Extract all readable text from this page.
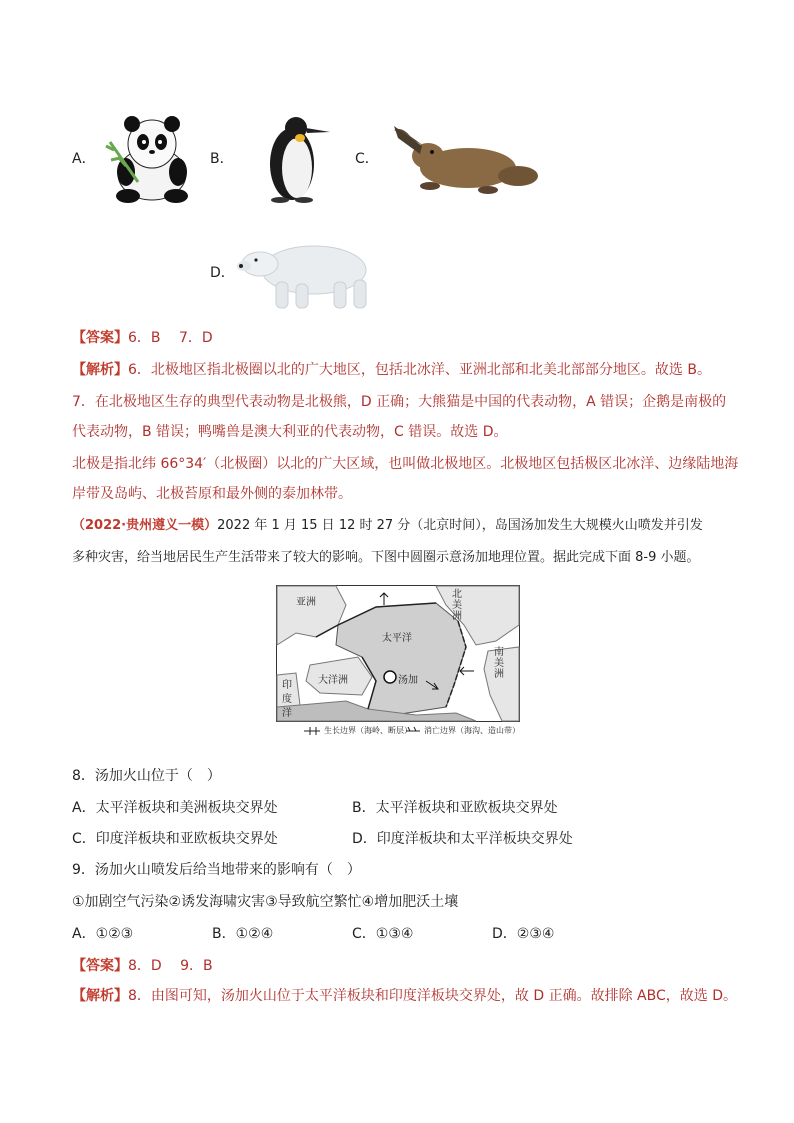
A．	B．	C．
D．
【答案】6．B　 7．D
【解析】6．北极地区指北极圈以北的广大地区，包括北冰洋、亚洲北部和北美北部部分地区。故选 B。
7．在北极地区生存的典型代表动物是北极熊，D 正确；大熊猫是中国的代表动物，A 错误；企鹅是南极的
代表动物，B 错误；鸭嘴兽是澳大利亚的代表动物，C 错误。故选 D。
北极是指北纬 66°34′（北极圈）以北的广大区域，也叫做北极地区。北极地区包括极区北冰洋、边缘陆地海
岸带及岛屿、北极苔原和最外侧的泰加林带。
（2022·贵州遵义一模）2022 年 1 月 15 日 12 时 27 分（北京时间），岛国汤加发生大规模火山喷发并引发
多种灾害，给当地居民生产生活带来了较大的影响。下图中圆圈示意汤加地理位置。据此完成下面 8-9 小题。
亚洲
北美洲
太平洋
南美洲
大洋洲	汤加
印度洋
生长边界（海岭、断层） 消亡边界（海沟、造山带）
8．汤加火山位于（　）
A．太平洋板块和美洲板块交界处	B．太平洋板块和亚欧板块交界处
C．印度洋板块和亚欧板块交界处	D．印度洋板块和太平洋板块交界处
9．汤加火山喷发后给当地带来的影响有（　）
①加剧空气污染②诱发海啸灾害③导致航空繁忙④增加肥沃土壤
A．①②③	B．①②④	C．①③④	D．②③④
【答案】8．D　 9．B
【解析】8．由图可知，汤加火山位于太平洋板块和印度洋板块交界处，故 D 正确。故排除 ABC，故选 D。
